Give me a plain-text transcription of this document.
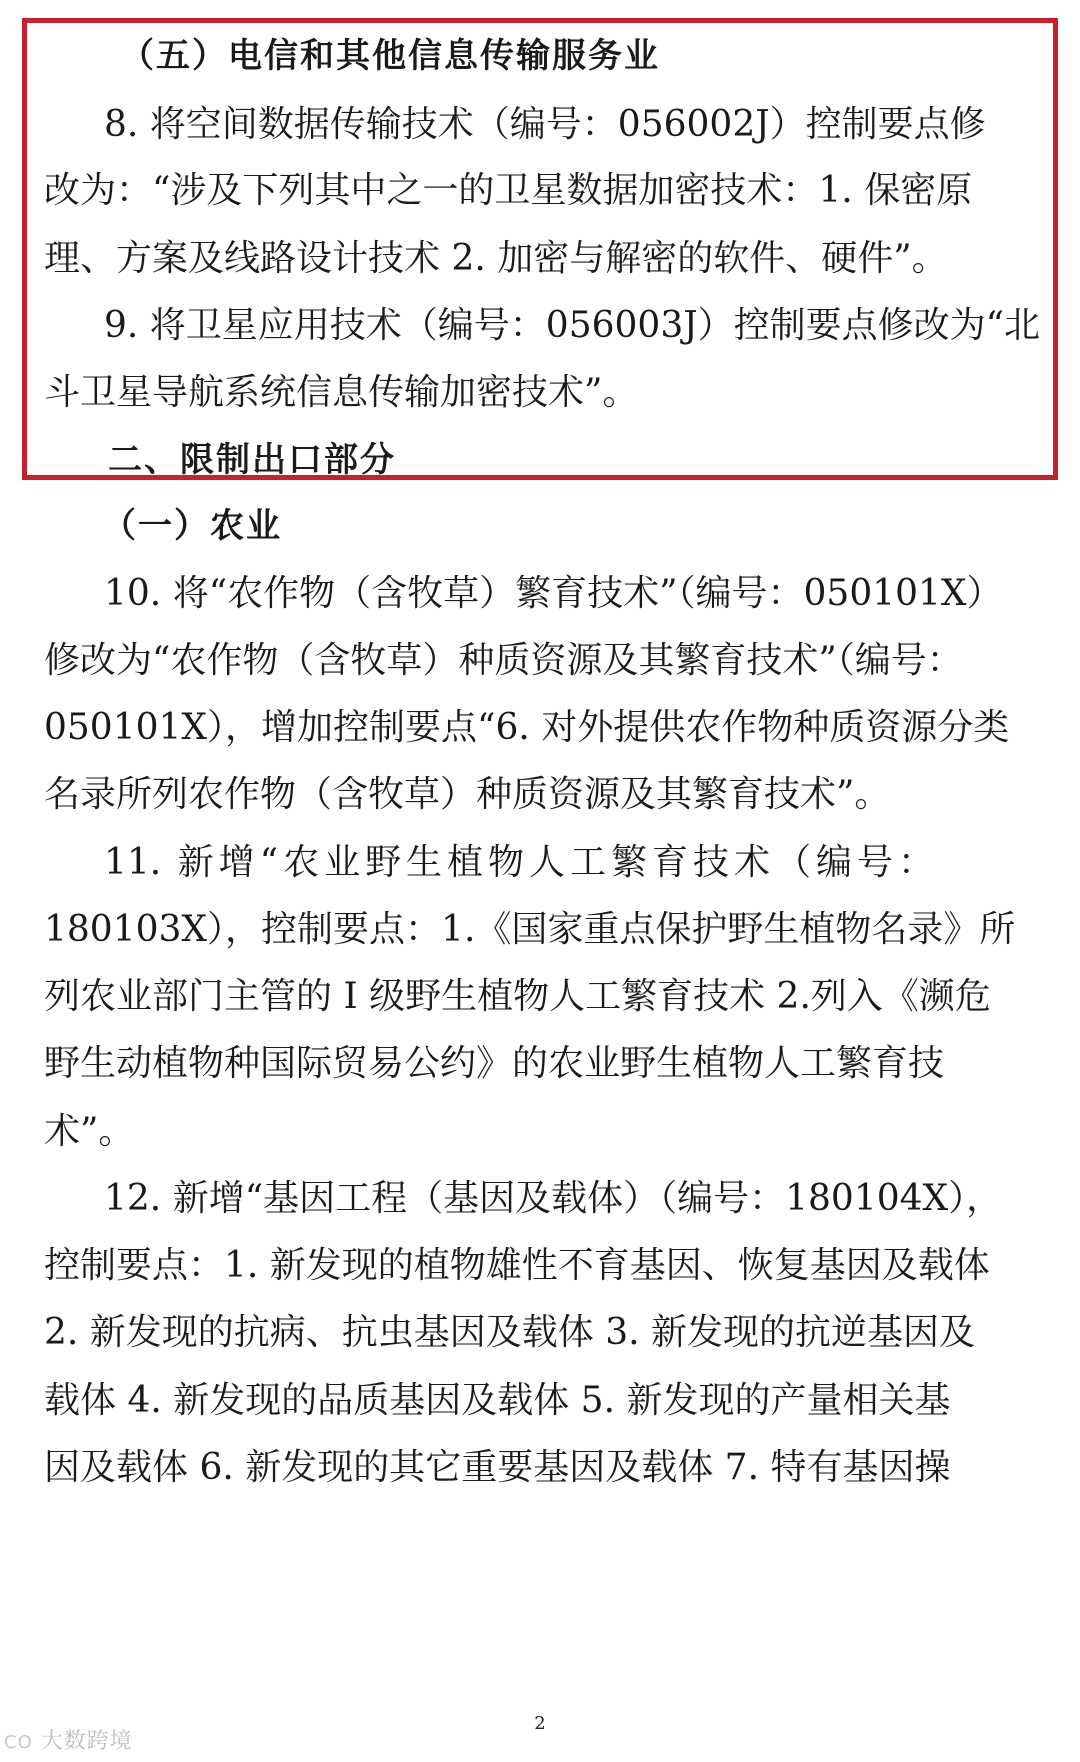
（五）电信和其他信息传输服务业
8. 将空间数据传输技术（编号：056002J）控制要点修
改为：“涉及下列其中之一的卫星数据加密技术：1. 保密原
理、方案及线路设计技术 2. 加密与解密的软件、硬件”。
9. 将卫星应用技术（编号：056003J）控制要点修改为“北
斗卫星导航系统信息传输加密技术”。
二、限制出口部分
（一）农业
10. 将“农作物（含牧草）繁育技术”（编号：050101X）
修改为“农作物（含牧草）种质资源及其繁育技术”（编号：
050101X），增加控制要点“6. 对外提供农作物种质资源分类
名录所列农作物（含牧草）种质资源及其繁育技术”。
11. 新增“农业野生植物人工繁育技术（编号：
180103X），控制要点：1.《国家重点保护野生植物名录》所
列农业部门主管的 I 级野生植物人工繁育技术 2.列入《濒危
野生动植物种国际贸易公约》的农业野生植物人工繁育技
术”。
12. 新增“基因工程（基因及载体）（编号：180104X），
控制要点：1. 新发现的植物雄性不育基因、恢复基因及载体
2. 新发现的抗病、抗虫基因及载体 3. 新发现的抗逆基因及
载体 4. 新发现的品质基因及载体 5. 新发现的产量相关基
因及载体 6. 新发现的其它重要基因及载体 7. 特有基因操
2
CO 大数跨境
